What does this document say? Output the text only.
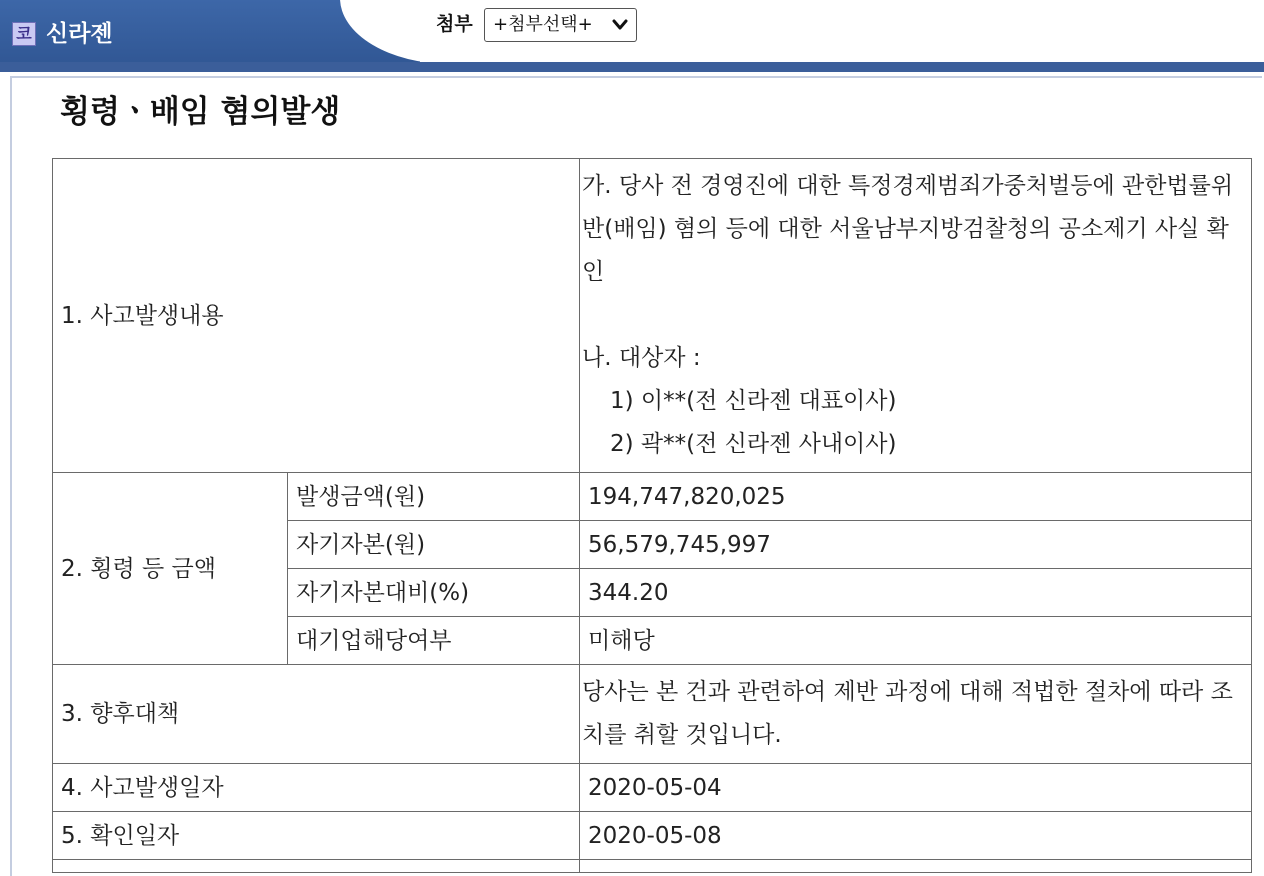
코 신라젠	첨부	+첨부선택+
횡령ㆍ배임 혐의발생
1. 사고발생내용		가. 당사 전 경영진에 대한 특정경제범죄가중처벌등에 관한법률위반(배임) 혐의 등에 대한 서울남부지방검찰청의 공소제기 사실 확인
나. 대상자 :
1) 이**(전 신라젠 대표이사)
2) 곽**(전 신라젠 사내이사)

2. 횡령 등 금액	발생금액(원)	194,747,820,025
	자기자본(원)	56,579,745,997
	자기자본대비(%)	344.20
	대기업해당여부	미해당
3. 향후대책		당사는 본 건과 관련하여 제반 과정에 대해 적법한 절차에 따라 조치를 취할 것입니다.
4. 사고발생일자		2020-05-04
5. 확인일자		2020-05-08
